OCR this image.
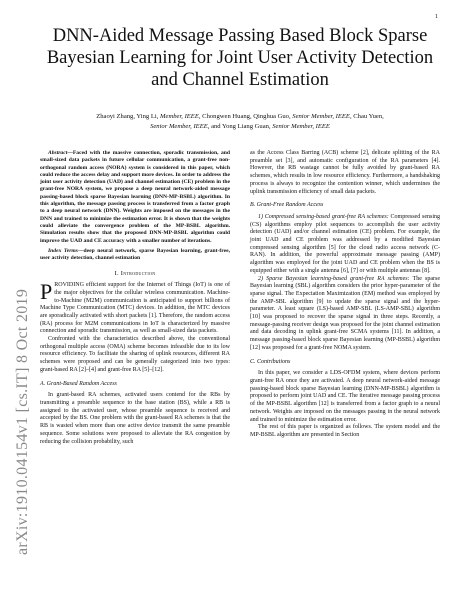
1
arXiv:1910.04154v1 [cs.IT] 8 Oct 2019
DNN-Aided Message Passing Based Block Sparse Bayesian Learning for Joint User Activity Detection and Channel Estimation
Zhaoyi Zhang, Ying Li, Member, IEEE, Chongwen Huang, Qinghua Guo, Senior Member, IEEE, Chau Yuen,
Senior Member, IEEE, and Yong Liang Guan, Senior Member, IEEE

Abstract—Faced with the massive connection, sporadic transmission, and small-sized data packets in future cellular communication, a grant-free non-orthogonal random access (NORA) system is considered in this paper, which could reduce the access delay and support more devices. In order to address the joint user activity detection (UAD) and channel estimation (CE) problem in the grant-free NORA system, we propose a deep neural network-aided message passing-based block sparse Bayesian learning (DNN-MP-BSBL) algorithm. In this algorithm, the message passing process is transferred from a factor graph to a deep neural network (DNN). Weights are imposed on the messages in the DNN and trained to minimize the estimation error. It is shown that the weights could alleviate the convergence problem of the MP-BSBL algorithm. Simulation results show that the proposed DNN-MP-BSBL algorithm could improve the UAD and CE accuracy with a smaller number of iterations.

Index Terms—deep neural network, sparse Bayesian learning, grant-free, user activity detection, channel estimation

I. Introduction

PROVIDING efficient support for the Internet of Things (IoT) is one of the major objectives for the cellular wireless communication. Machine-to-Machine (M2M) communication is anticipated to support billions of Machine Type Communication (MTC) devices. In addition, the MTC devices are sporadically activated with short packets [1]. Therefore, the random access (RA) process for M2M communications in IoT is characterized by massive connection and sporadic transmission, as well as small-sized data packets.

Confronted with the characteristics described above, the conventional orthogonal multiple access (OMA) scheme becomes infeasible due to its low resource efficiency. To facilitate the sharing of uplink resources, different RA schemes were proposed and can be generally categorized into two types: grant-based RA [2]–[4] and grant-free RA [5]–[12].

A. Grant-Based Random Access

In grant-based RA schemes, activated users contend for the RBs by transmitting a preamble sequence to the base station (BS), while a RB is assigned to the activated user, whose preamble sequence is received and accepted by the BS. One problem with the grant-based RA schemes is that the RB is wasted when more than one active device transmit the same preamble sequence. Some solutions were proposed to alleviate the RA congestion by reducing the collision probability, such

as the Access Class Barring (ACB) scheme [2], delicate splitting of the RA preamble set [3], and automatic configuration of the RA parameters [4]. However, the RB wastage cannot be fully avoided by grant-based RA schemes, which results in low resource efficiency. Furthermore, a handshaking process is always to recognize the contention winner, which undermines the uplink transmission efficiency of small data packets.

B. Grant-Free Random Access

1) Compressed sensing-based grant-free RA schemes: Compressed sensing (CS) algorithms employ pilot sequences to accomplish the user activity detection (UAD) and/or channel estimation (CE) problem. For example, the joint UAD and CE problem was addressed by a modified Bayesian compressed sensing algorithm [5] for the cloud radio access network (C-RAN). In addition, the powerful approximate message passing (AMP) algorithm was employed for the joint UAD and CE problem when the BS is equipped either with a single antenna [6], [7] or with multiple antennas [8].

2) Sparse Bayesian learning-based grant-free RA schemes: The sparse Bayesian learning (SBL) algorithm considers the prior hyper-parameter of the sparse signal. The Expectation Maximization (EM) method was employed by the AMP-SBL algorithm [9] to update the sparse signal and the hyper-parameter. A least square (LS)-based AMP-SBL (LS-AMP-SBL) algorithm [10] was proposed to recover the sparse signal in three steps. Recently, a message-passing receiver design was proposed for the joint channel estimation and data decoding in uplink grant-free SCMA systems [11]. In addition, a message passing-based block sparse Bayesian learning (MP-BSBL) algorithm [12] was proposed for a grant-free NOMA system.

C. Contributions

In this paper, we consider a LDS-OFDM system, where devices perform grant-free RA once they are activated. A deep neural network-aided message passing-based block sparse Bayesian learning (DNN-MP-BSBL) algorithm is proposed to perform joint UAD and CE. The iterative message passing process of the MP-BSBL algorithm [12] is transferred from a factor graph to a neural network. Weights are imposed on the messages passing in the neural network and trained to minimize the estimation error.

The rest of this paper is organized as follows. The system model and the MP-BSBL algorithm are presented in Section
